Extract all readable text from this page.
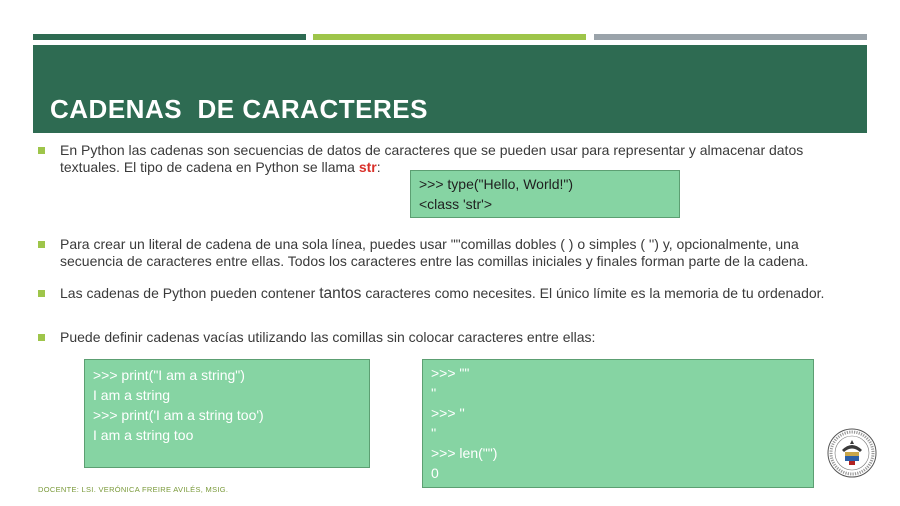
CADENAS  DE CARACTERES
En Python las cadenas son secuencias de datos de caracteres que se pueden usar para representar y almacenar datos textuales. El tipo de cadena en Python se llama str:
>>> type("Hello, World!")
<class 'str'>
Para crear un literal de cadena de una sola línea, puedes usar ""comillas dobles ( ) o simples ( '') y, opcionalmente, una secuencia de caracteres entre ellas. Todos los caracteres entre las comillas iniciales y finales forman parte de la cadena.
Las cadenas de Python pueden contener tantos caracteres como necesites. El único límite es la memoria de tu ordenador.
Puede definir cadenas vacías utilizando las comillas sin colocar caracteres entre ellas:
>>> print("I am a string")
I am a string
>>> print('I am a string too')
I am a string too
>>> ""
''
>>> ''
''
>>> len("")
0
DOCENTE: LSI. VERÓNICA FREIRE AVILÉS, MSIG.
